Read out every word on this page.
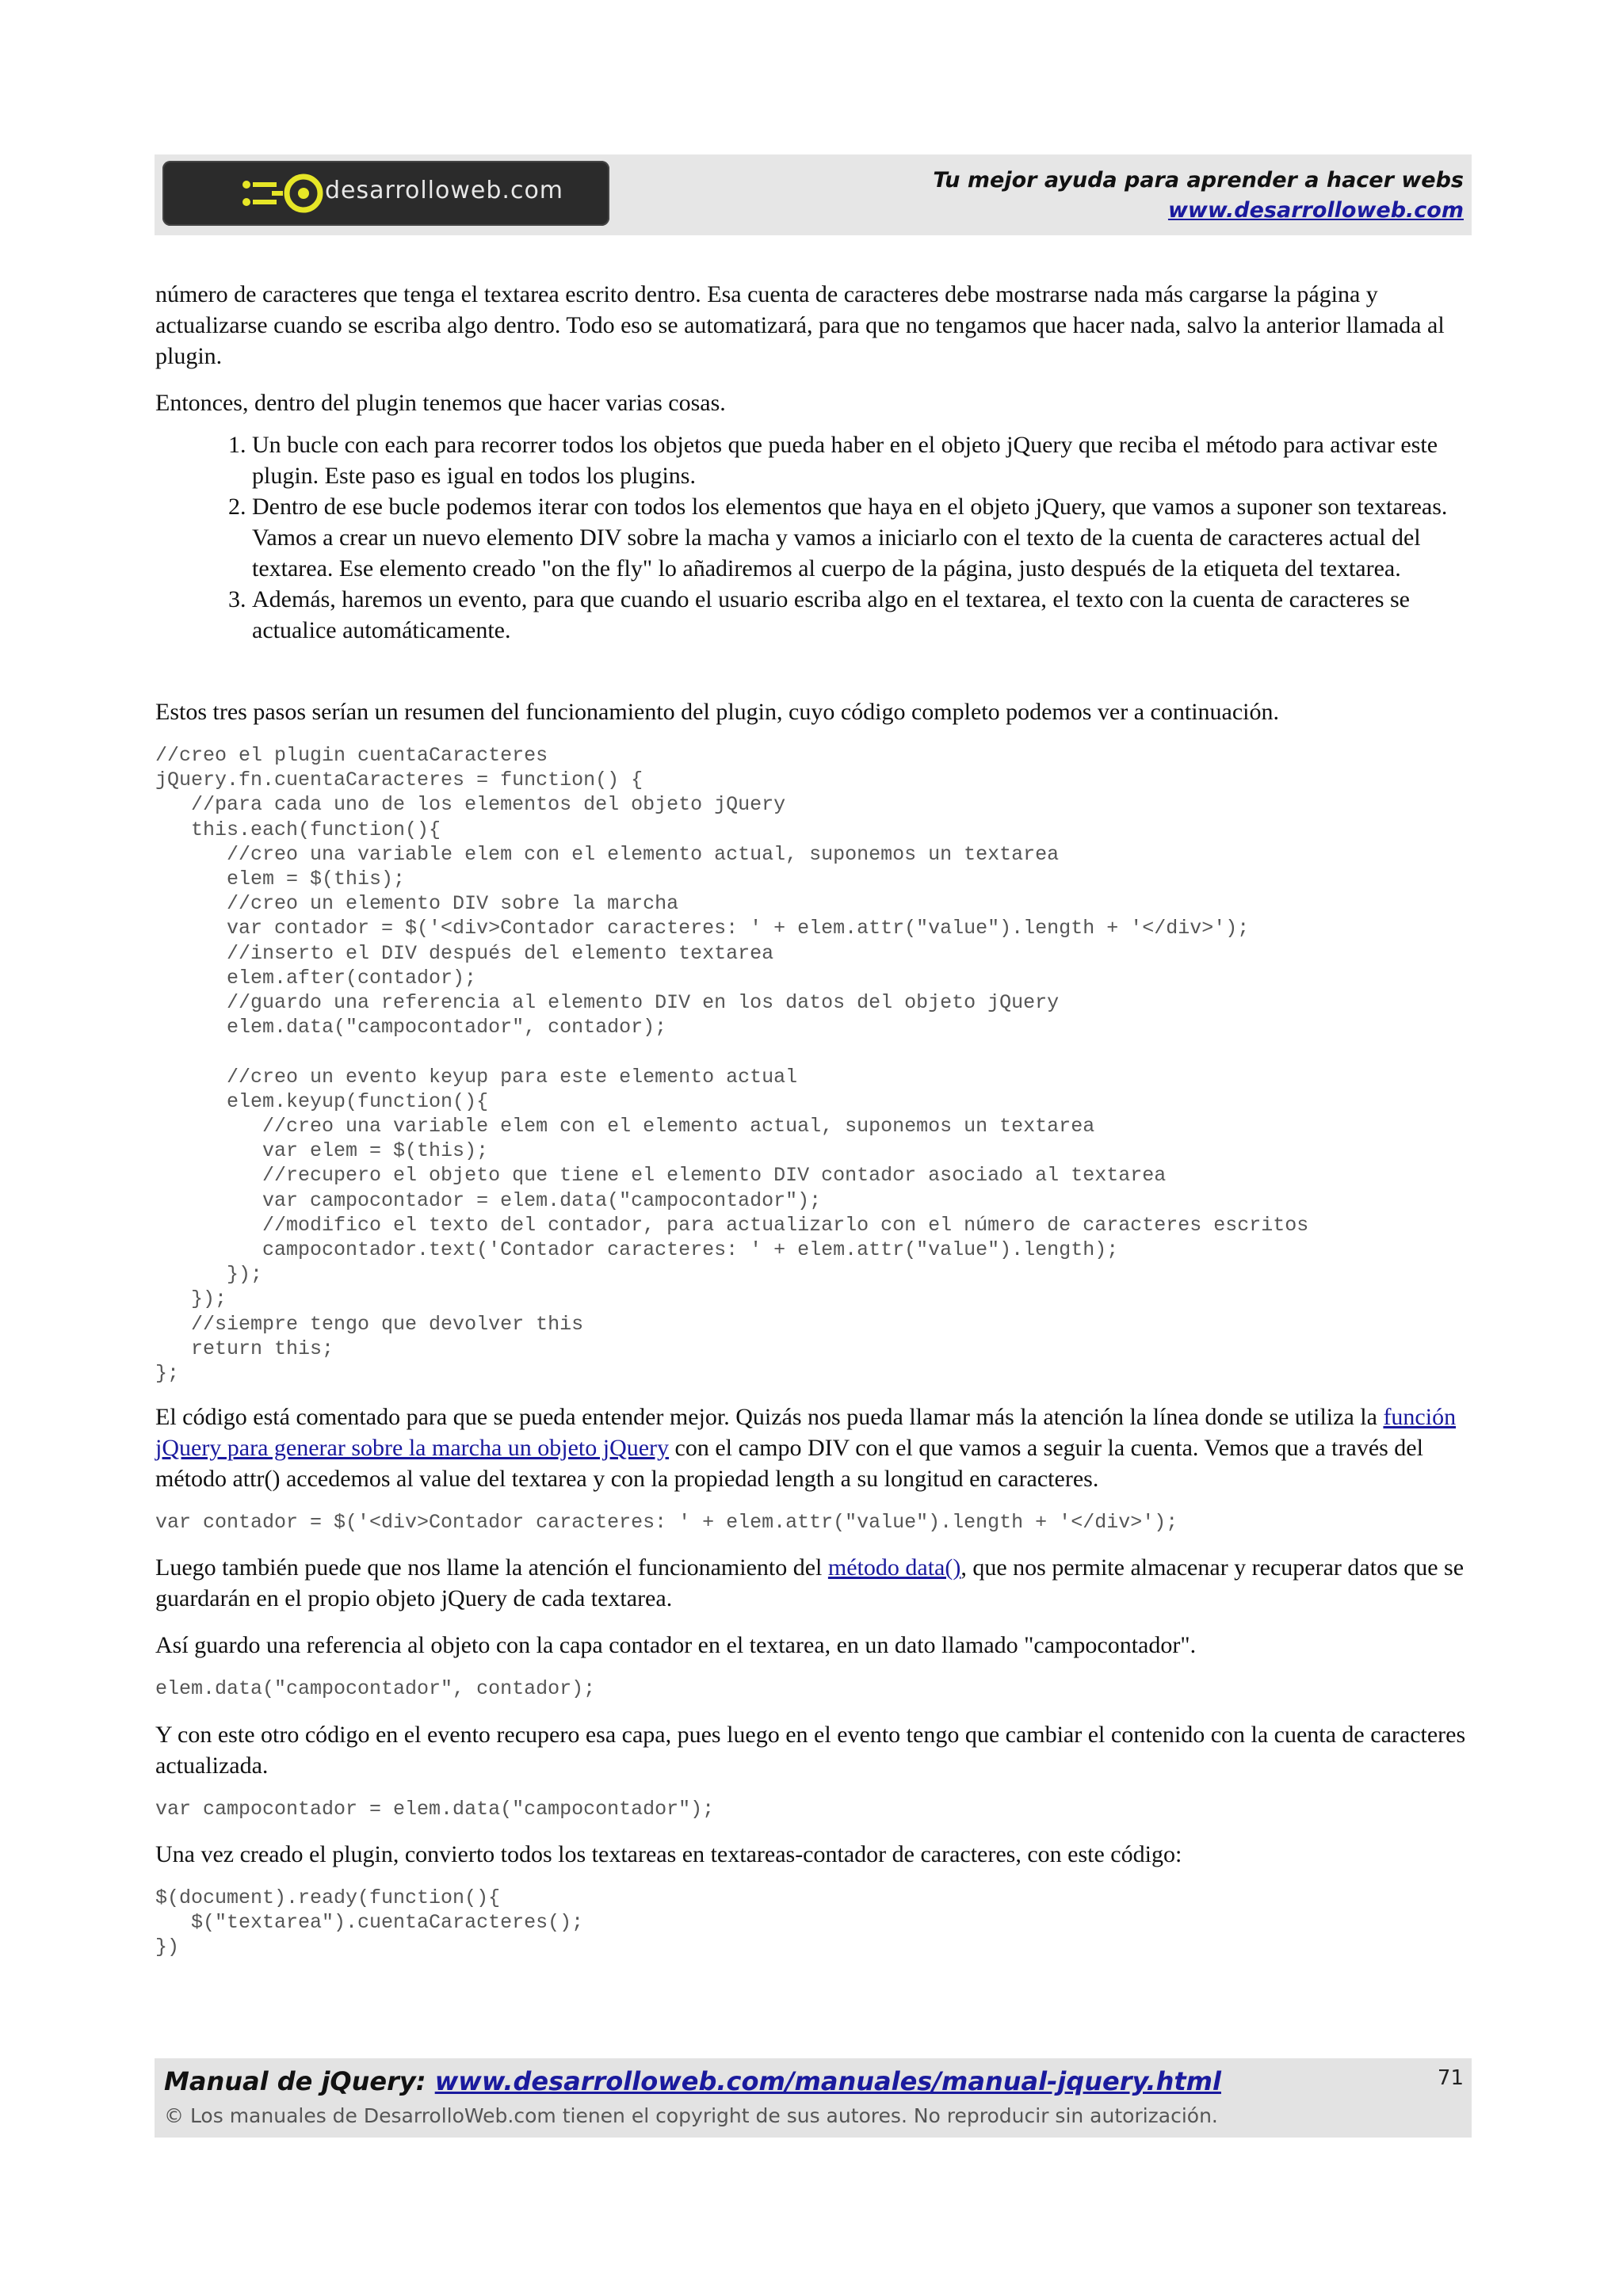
desarrolloweb.com	Tu mejor ayuda para aprender a hacer webs
www.desarrolloweb.com

número de caracteres que tenga el textarea escrito dentro. Esa cuenta de caracteres debe mostrarse nada más cargarse la página y actualizarse cuando se escriba algo dentro. Todo eso se automatizará, para que no tengamos que hacer nada, salvo la anterior llamada al plugin.

Entonces, dentro del plugin tenemos que hacer varias cosas.

1. Un bucle con each para recorrer todos los objetos que pueda haber en el objeto jQuery que reciba el método para activar este plugin. Este paso es igual en todos los plugins.
2. Dentro de ese bucle podemos iterar con todos los elementos que haya en el objeto jQuery, que vamos a suponer son textareas. Vamos a crear un nuevo elemento DIV sobre la macha y vamos a iniciarlo con el texto de la cuenta de caracteres actual del textarea. Ese elemento creado "on the fly" lo añadiremos al cuerpo de la página, justo después de la etiqueta del textarea.
3. Además, haremos un evento, para que cuando el usuario escriba algo en el textarea, el texto con la cuenta de caracteres se actualice automáticamente.

Estos tres pasos serían un resumen del funcionamiento del plugin, cuyo código completo podemos ver a continuación.

//creo el plugin cuentaCaracteres
jQuery.fn.cuentaCaracteres = function() {
//para cada uno de los elementos del objeto jQuery
this.each(function(){
//creo una variable elem con el elemento actual, suponemos un textarea
elem = $(this);
//creo un elemento DIV sobre la marcha
var contador = $('<div>Contador caracteres: ' + elem.attr("value").length + '</div>');
//inserto el DIV después del elemento textarea
elem.after(contador);
//guardo una referencia al elemento DIV en los datos del objeto jQuery
elem.data("campocontador", contador);

//creo un evento keyup para este elemento actual
elem.keyup(function(){
//creo una variable elem con el elemento actual, suponemos un textarea
var elem = $(this);
//recupero el objeto que tiene el elemento DIV contador asociado al textarea
var campocontador = elem.data("campocontador");
//modifico el texto del contador, para actualizarlo con el número de caracteres escritos
campocontador.text('Contador caracteres: ' + elem.attr("value").length);
});
});
//siempre tengo que devolver this
return this;
};

El código está comentado para que se pueda entender mejor. Quizás nos pueda llamar más la atención la línea donde se utiliza la función jQuery para generar sobre la marcha un objeto jQuery con el campo DIV con el que vamos a seguir la cuenta. Vemos que a través del método attr() accedemos al value del textarea y con la propiedad length a su longitud en caracteres.

var contador = $('<div>Contador caracteres: ' + elem.attr("value").length + '</div>');

Luego también puede que nos llame la atención el funcionamiento del método data(), que nos permite almacenar y recuperar datos que se guardarán en el propio objeto jQuery de cada textarea.

Así guardo una referencia al objeto con la capa contador en el textarea, en un dato llamado "campocontador".

elem.data("campocontador", contador);

Y con este otro código en el evento recupero esa capa, pues luego en el evento tengo que cambiar el contenido con la cuenta de caracteres actualizada.

var campocontador = elem.data("campocontador");

Una vez creado el plugin, convierto todos los textareas en textareas-contador de caracteres, con este código:

$(document).ready(function(){
$("textarea").cuentaCaracteres();
})
Manual de jQuery: www.desarrolloweb.com/manuales/manual-jquery.html
© Los manuales de DesarrolloWeb.com tienen el copyright de sus autores. No reproducir sin autorización.
71
